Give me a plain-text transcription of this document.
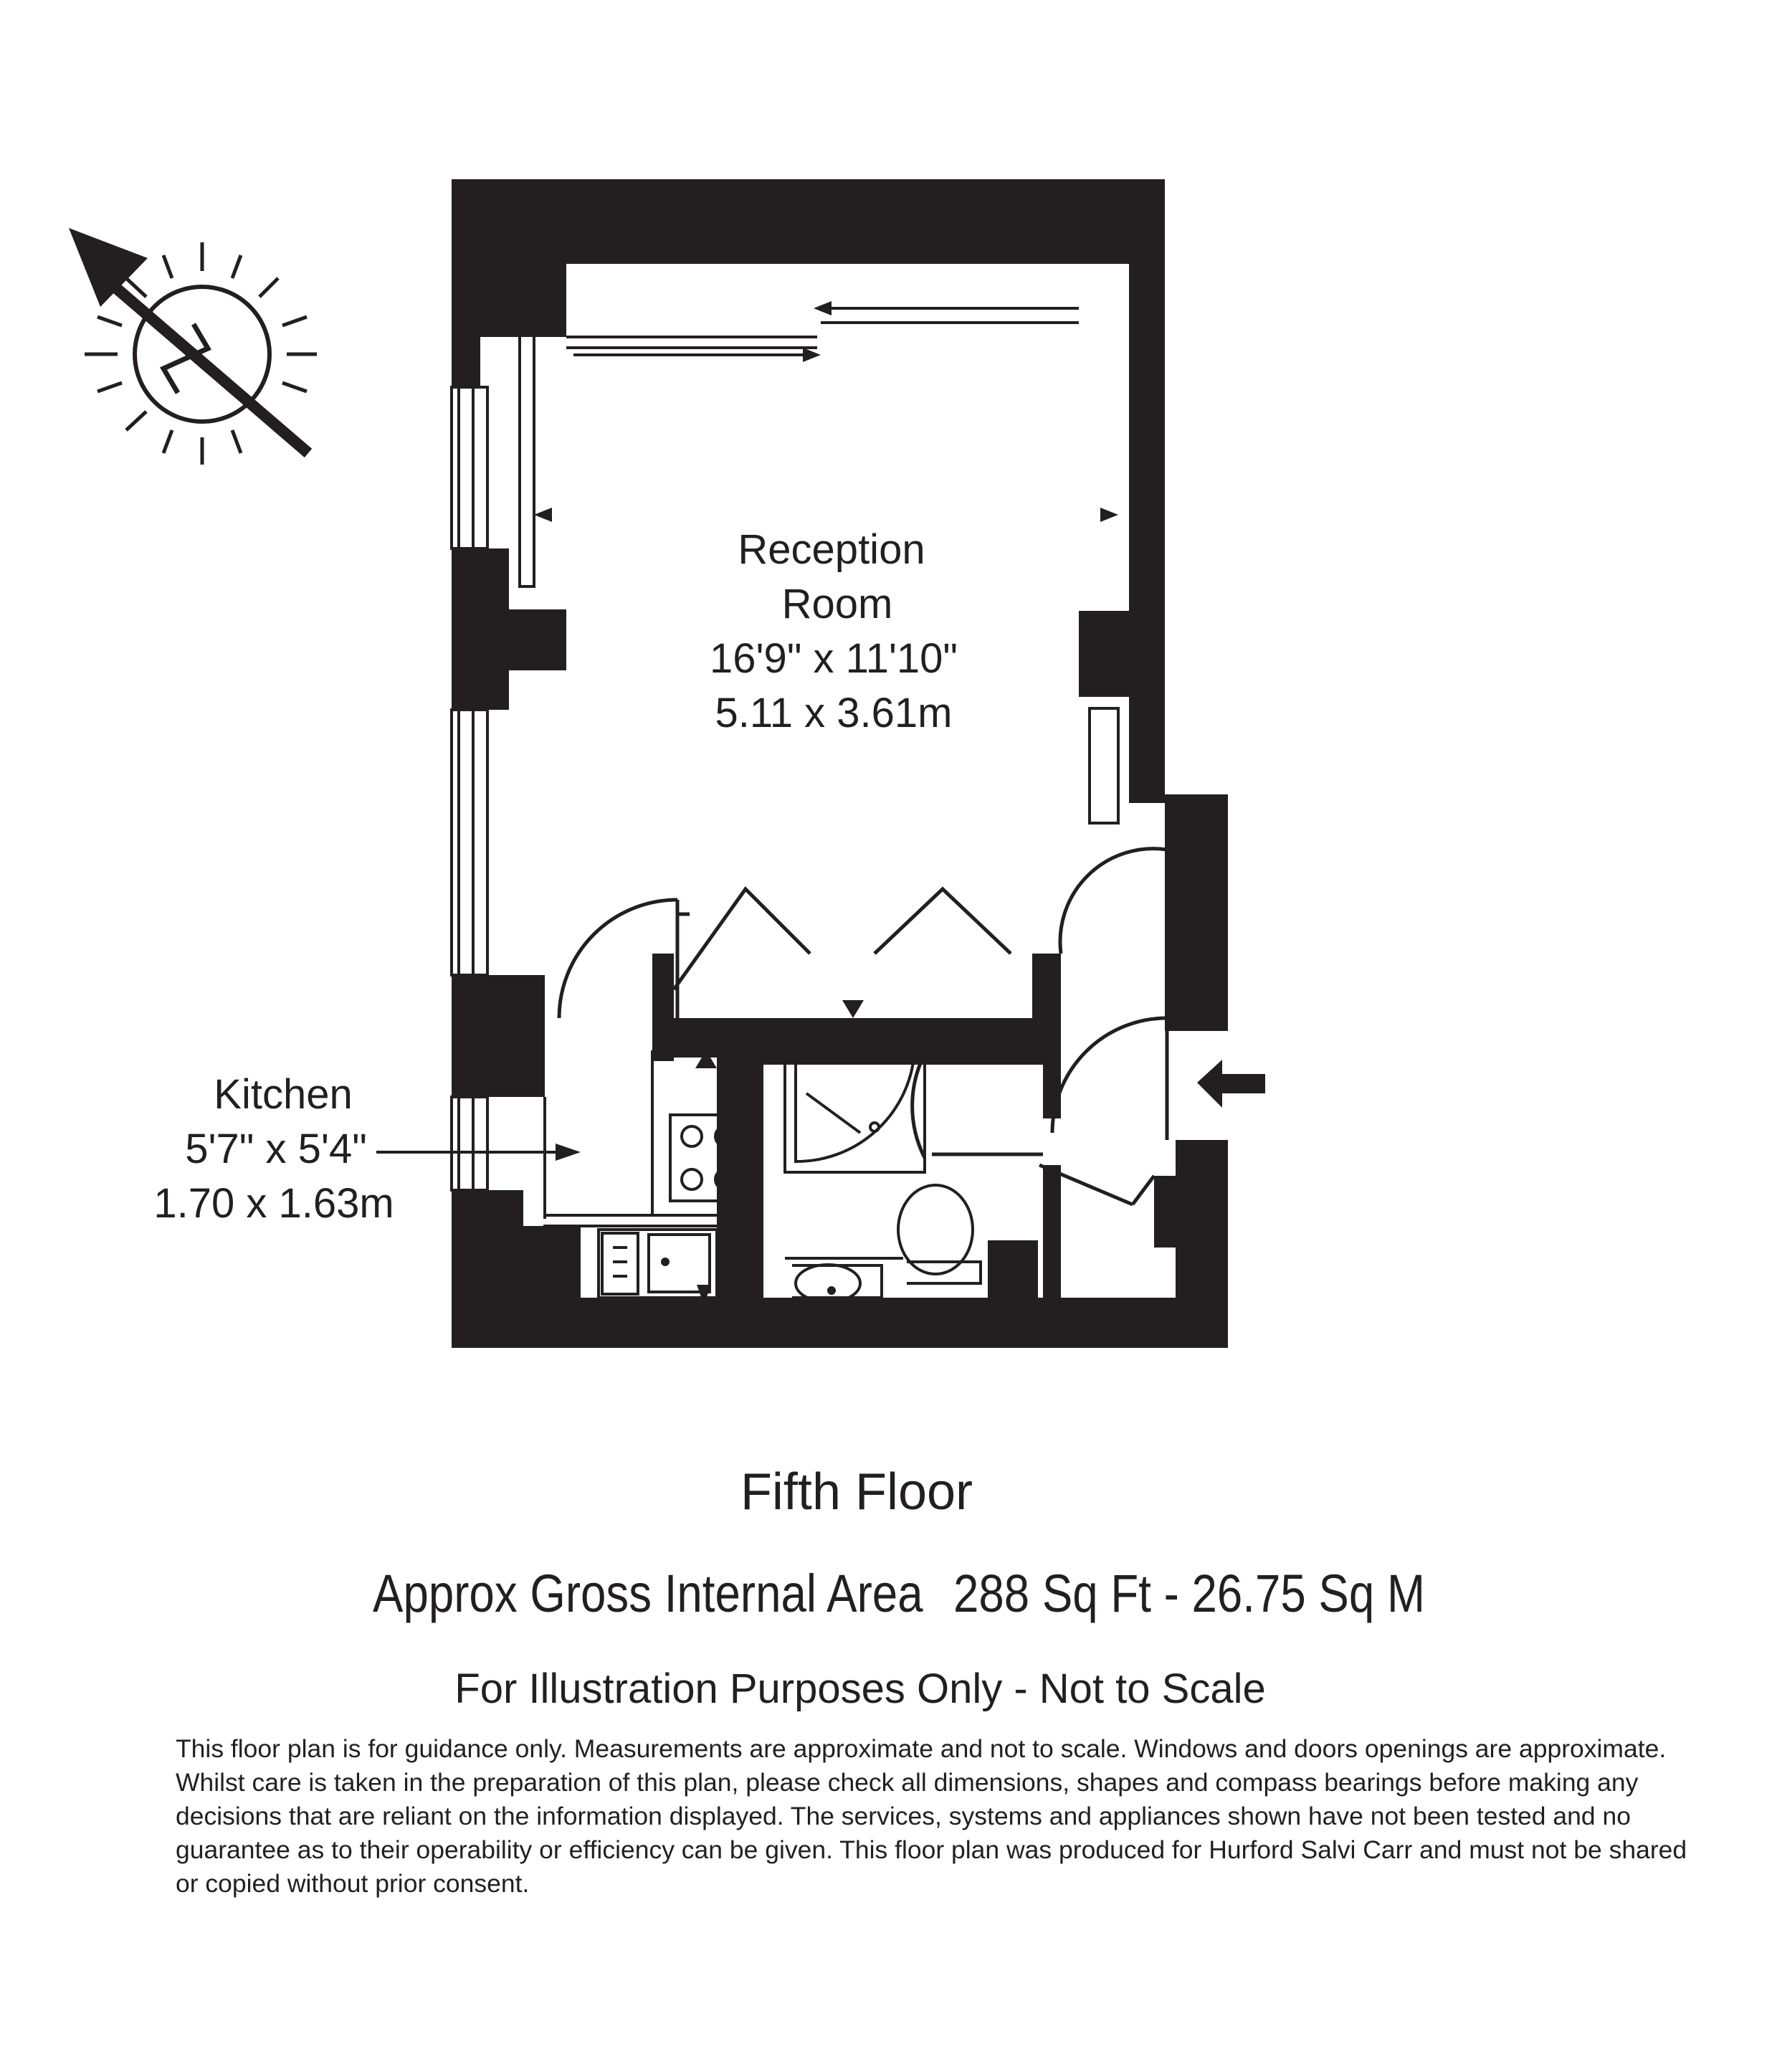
Reception
Room
16'9" x 11'10"
5.11 x 3.61m
Kitchen
5'7" x 5'4"
1.70 x 1.63m
Fifth Floor
Approx Gross Internal Area 288 Sq Ft - 26.75 Sq M
For Illustration Purposes Only - Not to Scale
This floor plan is for guidance only. Measurements are approximate and not to scale. Windows and doors openings are approximate. Whilst care is taken in the preparation of this plan, please check all dimensions, shapes and compass bearings before making any decisions that are reliant on the information displayed. The services, systems and appliances shown have not been tested and no guarantee as to their operability or efficiency can be given. This floor plan was produced for Hurford Salvi Carr and must not be shared or copied without prior consent.
